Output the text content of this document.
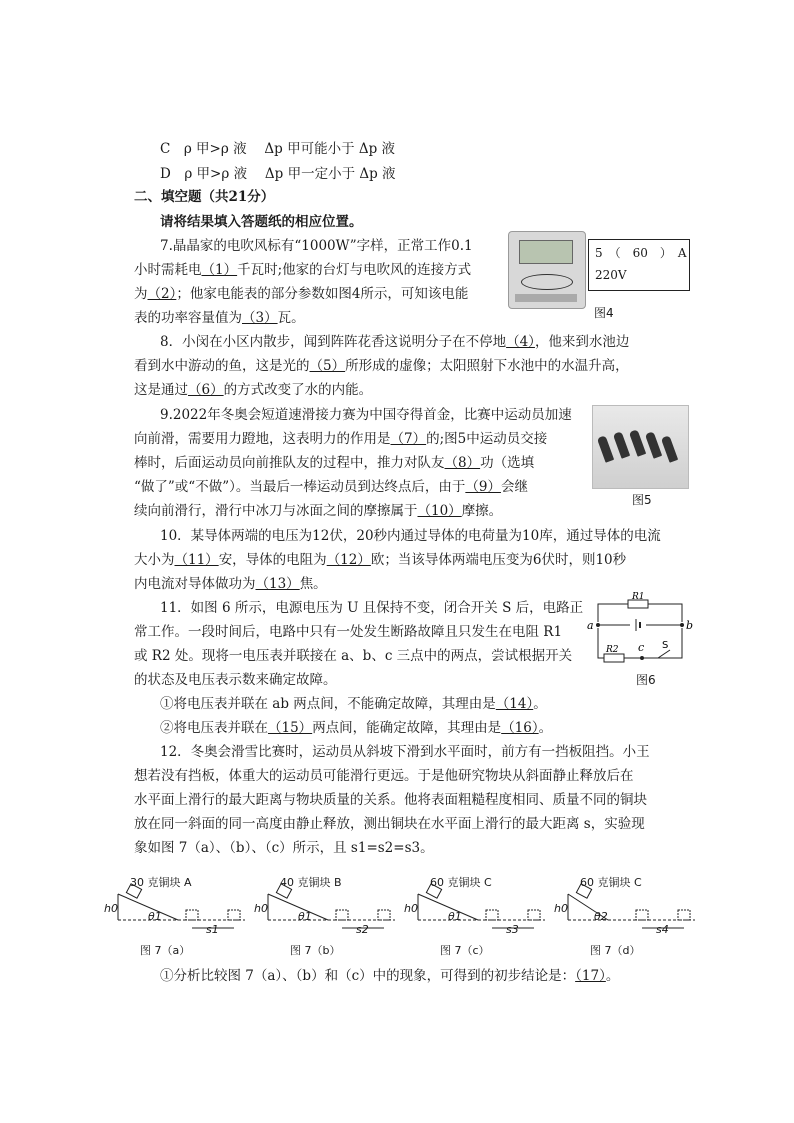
C　ρ 甲>ρ 液　 Δp 甲可能小于 Δp 液
D　ρ 甲>ρ 液　 Δp 甲一定小于 Δp 液
二、填空题（共21分）
请将结果填入答题纸的相应位置。
7.晶晶家的电吹风标有“1000W”字样，正常工作0.1
小时需耗电（1）千瓦时;他家的台灯与电吹风的连接方式
为（2）；他家电能表的部分参数如图4所示，可知该电能
表的功率容量值为（3）瓦。
5　（　60　）　A
220V
图4
8．小闵在小区内散步，闻到阵阵花香这说明分子在不停地（4），他来到水池边
看到水中游动的鱼，这是光的（5）所形成的虚像；太阳照射下水池中的水温升高，
这是通过（6）的方式改变了水的内能。
9.2022年冬奥会短道速滑接力赛为中国夺得首金，比赛中运动员加速
向前滑，需要用力蹬地，这表明力的作用是（7）的;图5中运动员交接
棒时，后面运动员向前推队友的过程中，推力对队友（8）功（选填
“做了”或“不做”）。当最后一棒运动员到达终点后，由于（9）会继
续向前滑行，滑行中冰刀与冰面之间的摩擦属于（10）摩擦。
图5
10．某导体两端的电压为12伏，20秒内通过导体的电荷量为10库，通过导体的电流
大小为（11）安，导体的电阻为（12）欧；当该导体两端电压变为6伏时，则10秒
内电流对导体做功为（13）焦。
11．如图 6 所示，电源电压为 U 且保持不变，闭合开关 S 后，电路正
常工作。一段时间后，电路中只有一处发生断路故障且只发生在电阻 R1
或 R2 处。现将一电压表并联接在 a、b、c 三点中的两点，尝试根据开关
的状态及电压表示数来确定故障。
①将电压表并联在 ab 两点间，不能确定故障，其理由是（14）。
②将电压表并联在（15）两点间，能确定故障，其理由是（16）。
R1
R2
a	b
c S
图6
12．冬奥会滑雪比赛时，运动员从斜坡下滑到水平面时，前方有一挡板阻挡。小王
想若没有挡板，体重大的运动员可能滑行更远。于是他研究物块从斜面静止释放后在
水平面上滑行的最大距离与物块质量的关系。他将表面粗糙程度相同、质量不同的铜块
放在同一斜面的同一高度由静止释放，测出铜块在水平面上滑行的最大距离 s，实验现
象如图 7（a）、（b）、（c）所示，且 s1=s2=s3。
30 克铜块 A
h0
θ1
s1
图 7（a）
40 克铜块 B
h0
θ1
s2
图 7（b）
60 克铜块 C
h0
θ1
s3
图 7（c）
60 克铜块 C
h0
θ2
s4
图 7（d）
①分析比较图 7（a）、（b）和（c）中的现象，可得到的初步结论是：（17）。
